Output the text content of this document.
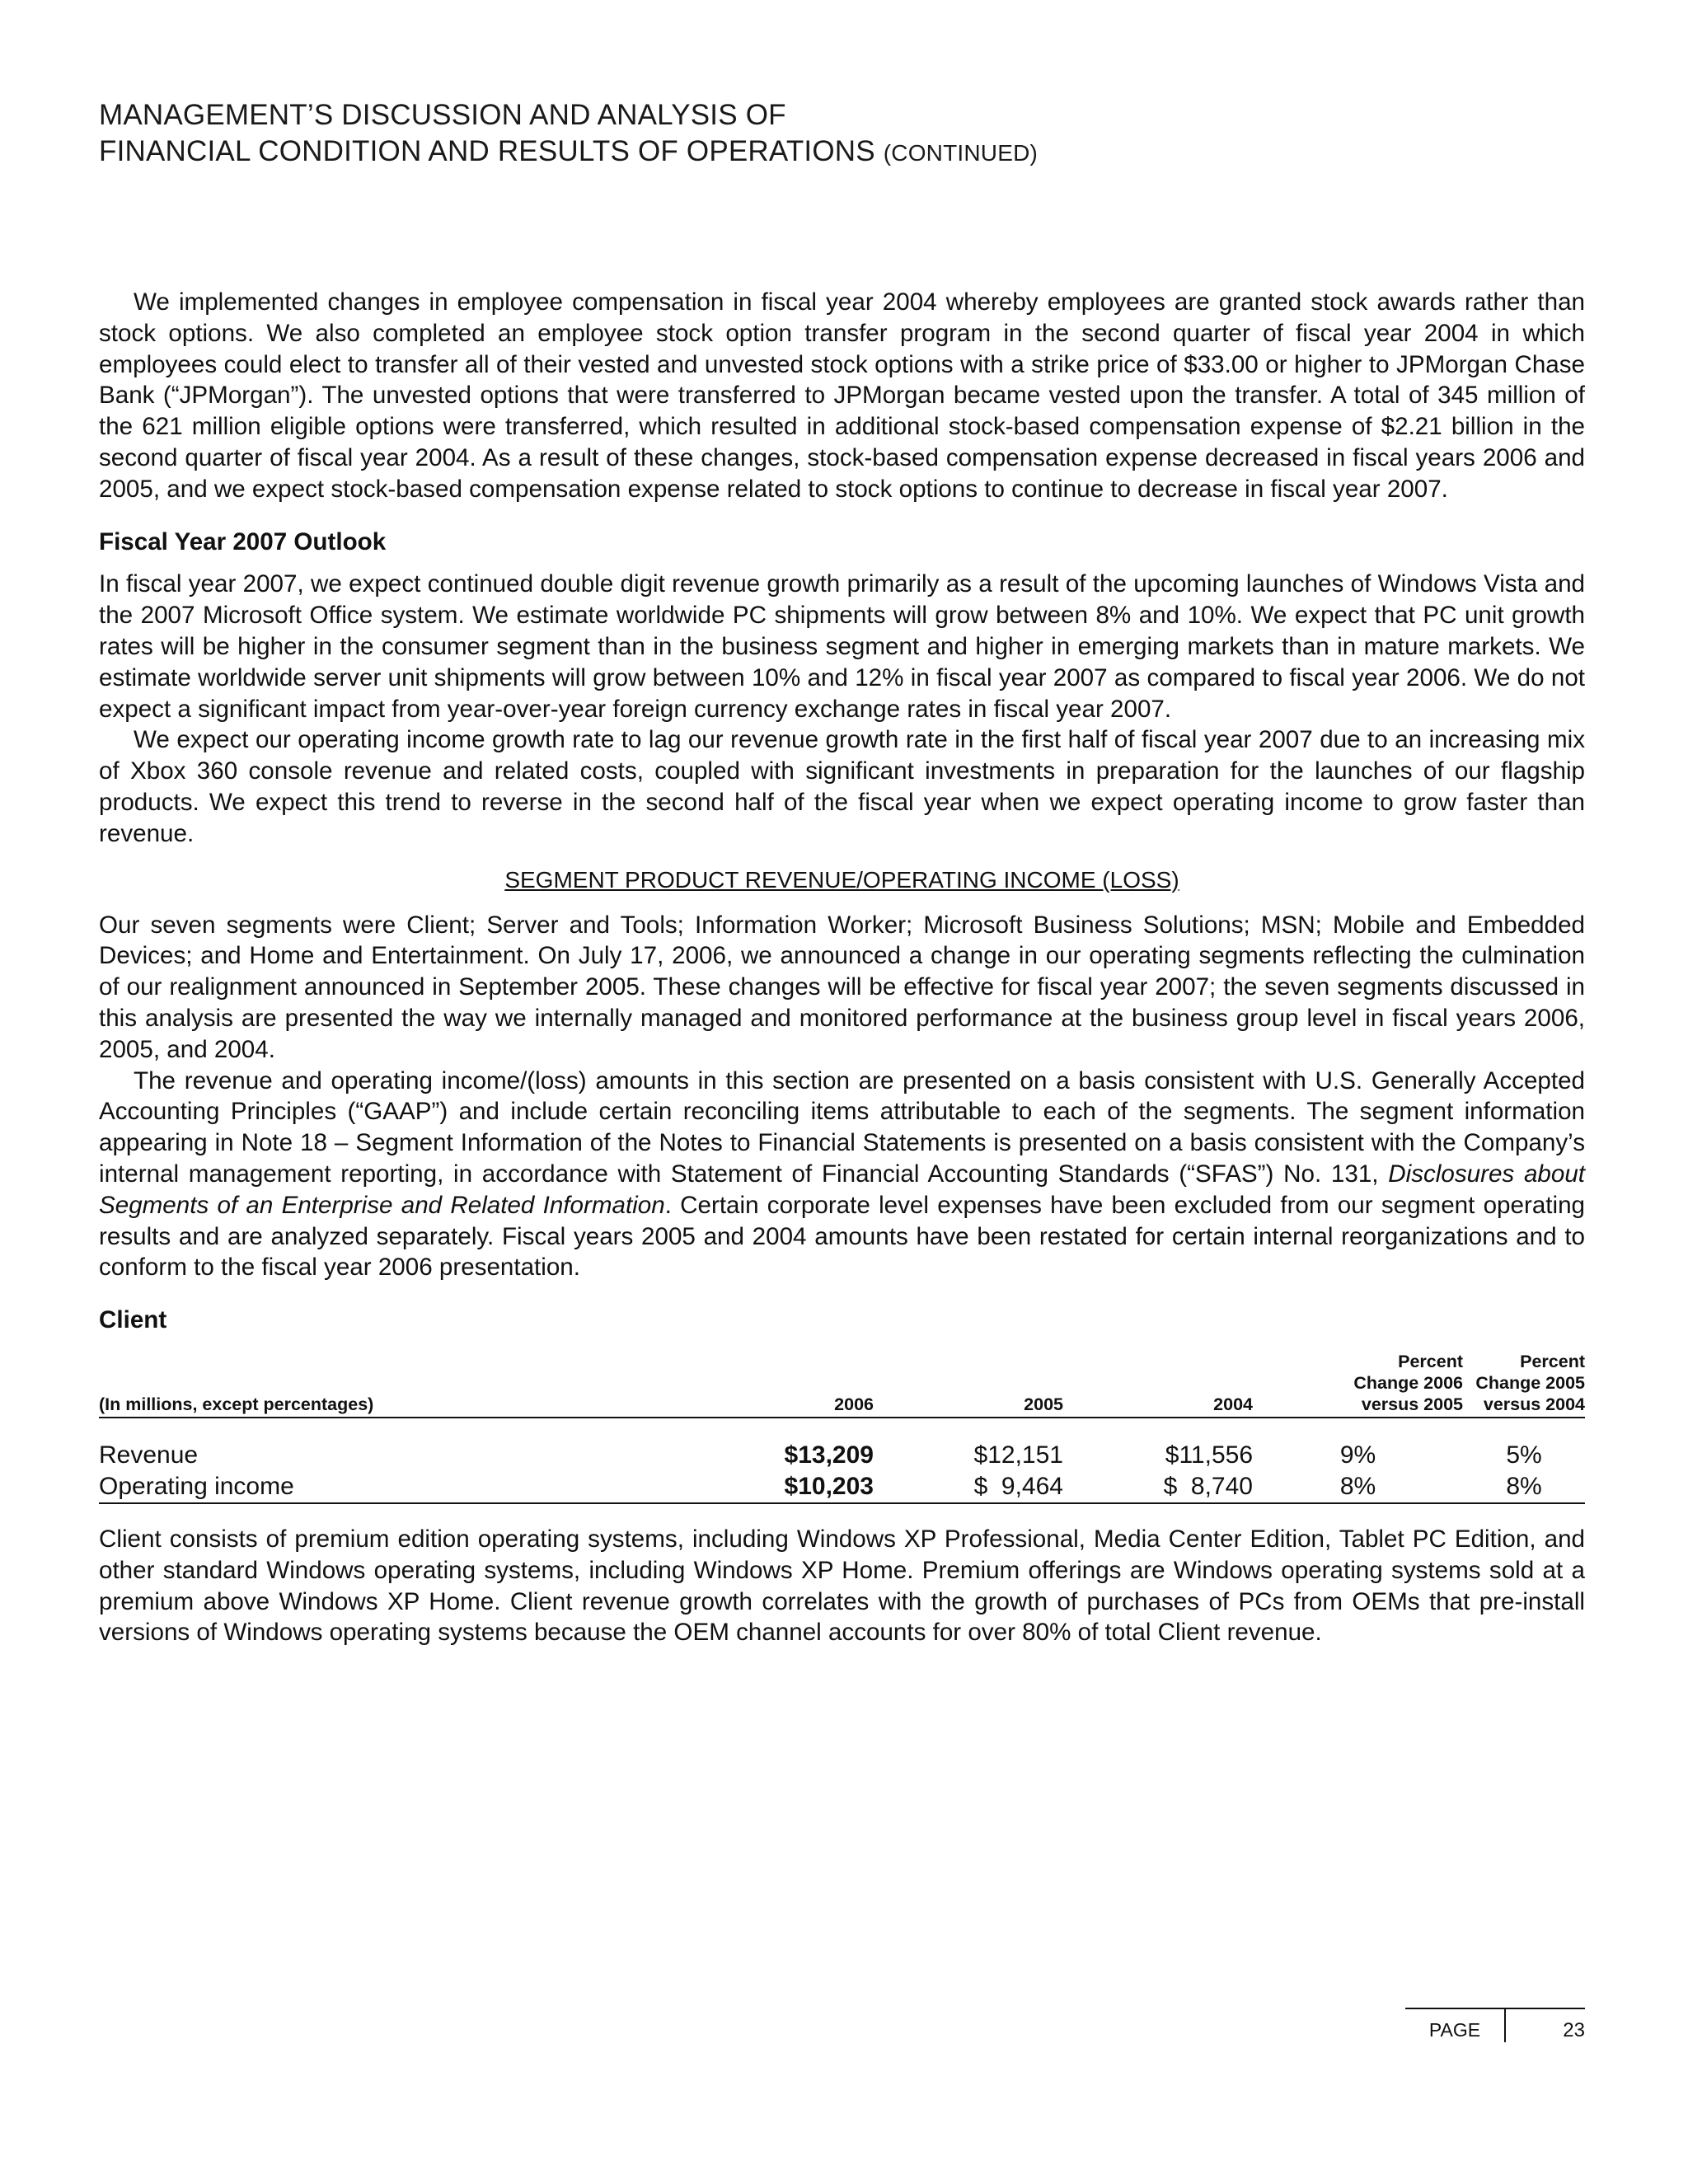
MANAGEMENT’S DISCUSSION AND ANALYSIS OF
FINANCIAL CONDITION AND RESULTS OF OPERATIONS (CONTINUED)

We implemented changes in employee compensation in fiscal year 2004 whereby employees are granted stock awards rather than stock options. We also completed an employee stock option transfer program in the second quarter of fiscal year 2004 in which employees could elect to transfer all of their vested and unvested stock options with a strike price of $33.00 or higher to JPMorgan Chase Bank (“JPMorgan”). The unvested options that were transferred to JPMorgan became vested upon the transfer. A total of 345 million of the 621 million eligible options were transferred, which resulted in additional stock-based compensation expense of $2.21 billion in the second quarter of fiscal year 2004. As a result of these changes, stock-based compensation expense decreased in fiscal years 2006 and 2005, and we expect stock-based compensation expense related to stock options to continue to decrease in fiscal year 2007.

Fiscal Year 2007 Outlook

In fiscal year 2007, we expect continued double digit revenue growth primarily as a result of the upcoming launches of Windows Vista and the 2007 Microsoft Office system. We estimate worldwide PC shipments will grow between 8% and 10%. We expect that PC unit growth rates will be higher in the consumer segment than in the business segment and higher in emerging markets than in mature markets. We estimate worldwide server unit shipments will grow between 10% and 12% in fiscal year 2007 as compared to fiscal year 2006. We do not expect a significant impact from year-over-year foreign currency exchange rates in fiscal year 2007.

We expect our operating income growth rate to lag our revenue growth rate in the first half of fiscal year 2007 due to an increasing mix of Xbox 360 console revenue and related costs, coupled with significant investments in preparation for the launches of our flagship products. We expect this trend to reverse in the second half of the fiscal year when we expect operating income to grow faster than revenue.

SEGMENT PRODUCT REVENUE/OPERATING INCOME (LOSS)

Our seven segments were Client; Server and Tools; Information Worker; Microsoft Business Solutions; MSN; Mobile and Embedded Devices; and Home and Entertainment. On July 17, 2006, we announced a change in our operating segments reflecting the culmination of our realignment announced in September 2005. These changes will be effective for fiscal year 2007; the seven segments discussed in this analysis are presented the way we internally managed and monitored performance at the business group level in fiscal years 2006, 2005, and 2004.

The revenue and operating income/(loss) amounts in this section are presented on a basis consistent with U.S. Generally Accepted Accounting Principles (“GAAP”) and include certain reconciling items attributable to each of the segments. The segment information appearing in Note 18 – Segment Information of the Notes to Financial Statements is presented on a basis consistent with the Company’s internal management reporting, in accordance with Statement of Financial Accounting Standards (“SFAS”) No. 131, Disclosures about Segments of an Enterprise and Related Information. Certain corporate level expenses have been excluded from our segment operating results and are analyzed separately. Fiscal years 2005 and 2004 amounts have been restated for certain internal reorganizations and to conform to the fiscal year 2006 presentation.

Client
(In millions, except percentages)	2006	2005	2004	Percent
Change 2006
versus 2005	Percent
Change 2005
versus 2004

Revenue	$13,209	$12,151	$11,556	9%	5%
Operating income	$10,203	$  9,464	$  8,740	8%	8%

Client consists of premium edition operating systems, including Windows XP Professional, Media Center Edition, Tablet PC Edition, and other standard Windows operating systems, including Windows XP Home. Premium offerings are Windows operating systems sold at a premium above Windows XP Home. Client revenue growth correlates with the growth of purchases of PCs from OEMs that pre-install versions of Windows operating systems because the OEM channel accounts for over 80% of total Client revenue.

PAGE	23
